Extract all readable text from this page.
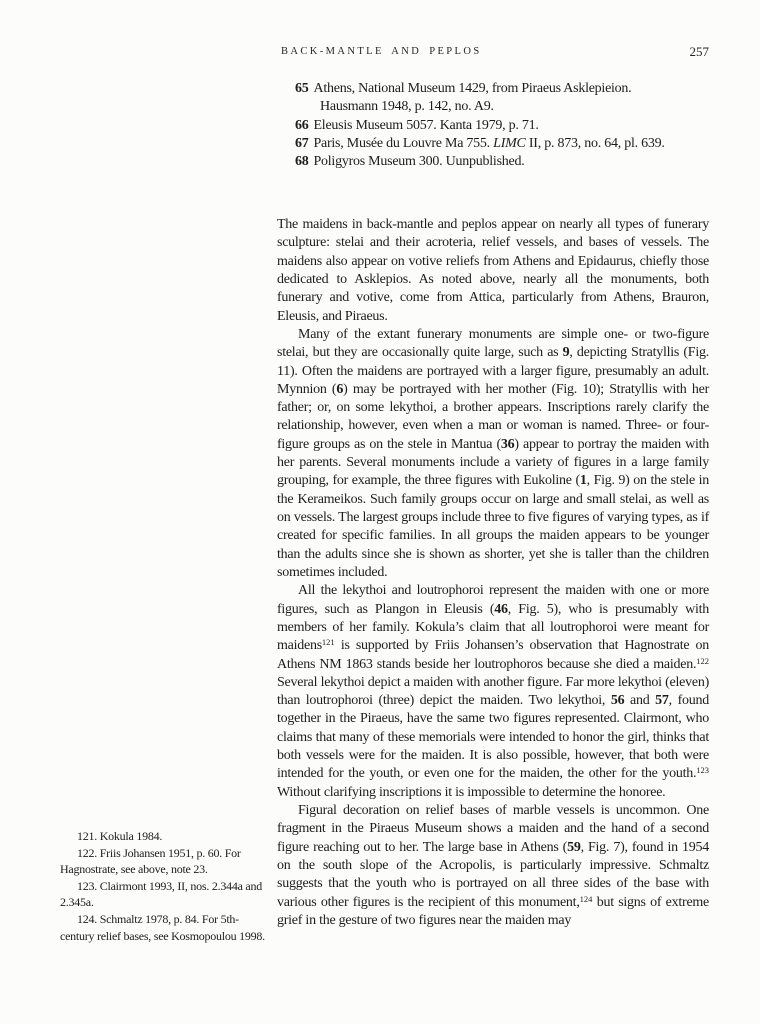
BACK-MANTLE AND PEPLOS	257
65 Athens, National Museum 1429, from Piraeus Asklepieion. Hausmann 1948, p. 142, no. A9.
66 Eleusis Museum 5057. Kanta 1979, p. 71.
67 Paris, Musée du Louvre Ma 755. LIMC II, p. 873, no. 64, pl. 639.
68 Poligyros Museum 300. Uunpublished.

The maidens in back-mantle and peplos appear on nearly all types of funerary sculpture: stelai and their acroteria, relief vessels, and bases of vessels. The maidens also appear on votive reliefs from Athens and Epidaurus, chiefly those dedicated to Asklepios. As noted above, nearly all the monuments, both funerary and votive, come from Attica, particularly from Athens, Brauron, Eleusis, and Piraeus.

Many of the extant funerary monuments are simple one- or two-figure stelai, but they are occasionally quite large, such as 9, depicting Stratyllis (Fig. 11). Often the maidens are portrayed with a larger figure, presumably an adult. Mynnion (6) may be portrayed with her mother (Fig. 10); Stratyllis with her father; or, on some lekythoi, a brother appears. Inscriptions rarely clarify the relationship, however, even when a man or woman is named. Three- or four-figure groups as on the stele in Mantua (36) appear to portray the maiden with her parents. Several monuments include a variety of figures in a large family grouping, for example, the three figures with Eukoline (1, Fig. 9) on the stele in the Kerameikos. Such family groups occur on large and small stelai, as well as on vessels. The largest groups include three to five figures of varying types, as if created for specific families. In all groups the maiden appears to be younger than the adults since she is shown as shorter, yet she is taller than the children sometimes included.

All the lekythoi and loutrophoroi represent the maiden with one or more figures, such as Plangon in Eleusis (46, Fig. 5), who is presumably with members of her family. Kokula’s claim that all loutrophoroi were meant for maidens$^{121}$ is supported by Friis Johansen’s observation that Hagnostrate on Athens NM 1863 stands beside her loutrophoros because she died a maiden.$^{122}$ Several lekythoi depict a maiden with another figure. Far more lekythoi (eleven) than loutrophoroi (three) depict the maiden. Two lekythoi, 56 and 57, found together in the Piraeus, have the same two figures represented. Clairmont, who claims that many of these memorials were intended to honor the girl, thinks that both vessels were for the maiden. It is also possible, however, that both were intended for the youth, or even one for the maiden, the other for the youth.$^{123}$ Without clarifying inscriptions it is impossible to determine the honoree.

Figural decoration on relief bases of marble vessels is uncommon. One fragment in the Piraeus Museum shows a maiden and the hand of a second figure reaching out to her. The large base in Athens (59, Fig. 7), found in 1954 on the south slope of the Acropolis, is particularly impressive. Schmaltz suggests that the youth who is portrayed on all three sides of the base with various other figures is the recipient of this monument,$^{124}$ but signs of extreme grief in the gesture of two figures near the maiden may

121. Kokula 1984.

122. Friis Johansen 1951, p. 60. For Hagnostrate, see above, note 23.

123. Clairmont 1993, II, nos. 2.344a and 2.345a.

124. Schmaltz 1978, p. 84. For 5th-century relief bases, see Kosmopoulou 1998.
